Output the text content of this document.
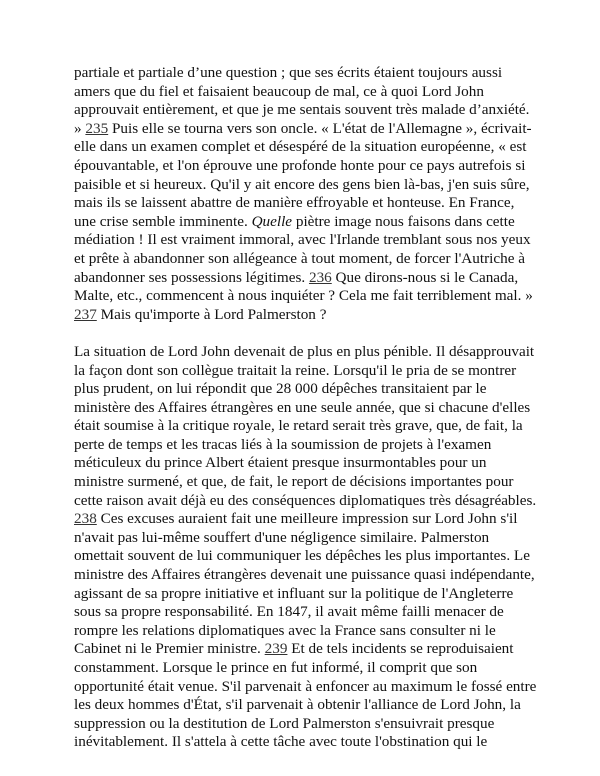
partiale et partiale d’une question ; que ses écrits étaient toujours aussi
amers que du fiel et faisaient beaucoup de mal, ce à quoi Lord John
approuvait entièrement, et que je me sentais souvent très malade d’anxiété.
» 235 Puis elle se tourna vers son oncle. « L'état de l'Allemagne », écrivait-
elle dans un examen complet et désespéré de la situation européenne, « est
épouvantable, et l'on éprouve une profonde honte pour ce pays autrefois si
paisible et si heureux. Qu'il y ait encore des gens bien là-bas, j'en suis sûre,
mais ils se laissent abattre de manière effroyable et honteuse. En France,
une crise semble imminente. Quelle piètre image nous faisons dans cette
médiation ! Il est vraiment immoral, avec l'Irlande tremblant sous nos yeux
et prête à abandonner son allégeance à tout moment, de forcer l'Autriche à
abandonner ses possessions légitimes. 236 Que dirons-nous si le Canada,
Malte, etc., commencent à nous inquiéter ? Cela me fait terriblement mal. »
237 Mais qu'importe à Lord Palmerston ?
La situation de Lord John devenait de plus en plus pénible. Il désapprouvait
la façon dont son collègue traitait la reine. Lorsqu'il le pria de se montrer
plus prudent, on lui répondit que 28 000 dépêches transitaient par le
ministère des Affaires étrangères en une seule année, que si chacune d'elles
était soumise à la critique royale, le retard serait très grave, que, de fait, la
perte de temps et les tracas liés à la soumission de projets à l'examen
méticuleux du prince Albert étaient presque insurmontables pour un
ministre surmené, et que, de fait, le report de décisions importantes pour
cette raison avait déjà eu des conséquences diplomatiques très désagréables.
238 Ces excuses auraient fait une meilleure impression sur Lord John s'il
n'avait pas lui-même souffert d'une négligence similaire. Palmerston
omettait souvent de lui communiquer les dépêches les plus importantes. Le
ministre des Affaires étrangères devenait une puissance quasi indépendante,
agissant de sa propre initiative et influant sur la politique de l'Angleterre
sous sa propre responsabilité. En 1847, il avait même failli menacer de
rompre les relations diplomatiques avec la France sans consulter ni le
Cabinet ni le Premier ministre. 239 Et de tels incidents se reproduisaient
constamment. Lorsque le prince en fut informé, il comprit que son
opportunité était venue. S'il parvenait à enfoncer au maximum le fossé entre
les deux hommes d'État, s'il parvenait à obtenir l'alliance de Lord John, la
suppression ou la destitution de Lord Palmerston s'ensuivrait presque
inévitablement. Il s'attela à cette tâche avec toute l'obstination qui le
